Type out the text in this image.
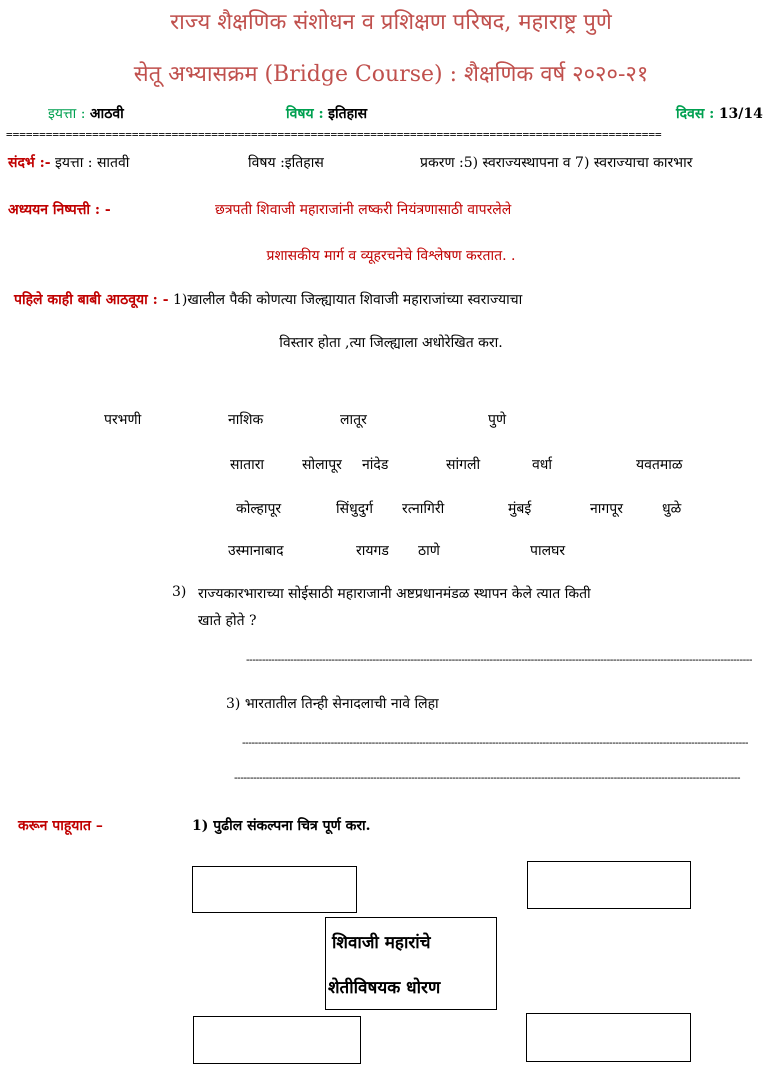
राज्य शैक्षणिक संशोधन व प्रशिक्षण परिषद, महाराष्ट्र पुणे
सेतू अभ्यासक्रम (Bridge Course) : शैक्षणिक वर्ष २०२०-२१
इयत्ता : आठवी	विषय : इतिहास	दिवस : 13/14
===================================================================================================
संदर्भ :- इयत्ता : सातवी	विषय :इतिहास	प्रकरण :5) स्वराज्यस्थापना व 7) स्वराज्याचा कारभार
अध्ययन निष्पत्ती : -	छत्रपती शिवाजी महाराजांनी लष्करी नियंत्रणासाठी वापरलेले
प्रशासकीय मार्ग व व्यूहरचनेचे विश्लेषण करतात. .
पहिले काही बाबी आठवूया : - 1)खालील पैकी कोणत्या जिल्ह्यायात शिवाजी महाराजांच्या स्वराज्याचा
विस्तार होता ,त्या जिल्ह्याला अधोरेखित करा.
परभणी	नाशिक	लातूर	पुणे
सातारा	सोलापूर नांदेड	सांगली	वर्धा	यवतमाळ
कोल्हापूर	सिंधुदुर्ग रत्नागिरी	मुंबई	नागपूर	धुळे
उस्मानाबाद	रायगड ठाणे	पालघर
3) राज्यकारभाराच्या सोईसाठी महाराजानी अष्टप्रधानमंडळ स्थापन केले त्यात किती
खाते होते ?
----------------------------------------------------------------------------------------------------------------------------------------------------------------
3) भारतातील तिन्ही सेनादलाची नावे लिहा
----------------------------------------------------------------------------------------------------------------------------------------------------------------
----------------------------------------------------------------------------------------------------------------------------------------------------------------
करून पाहूयात –	1) पुढील संकल्पना चित्र पूर्ण करा.
शिवाजी महारांचे
शेतीविषयक धोरण
